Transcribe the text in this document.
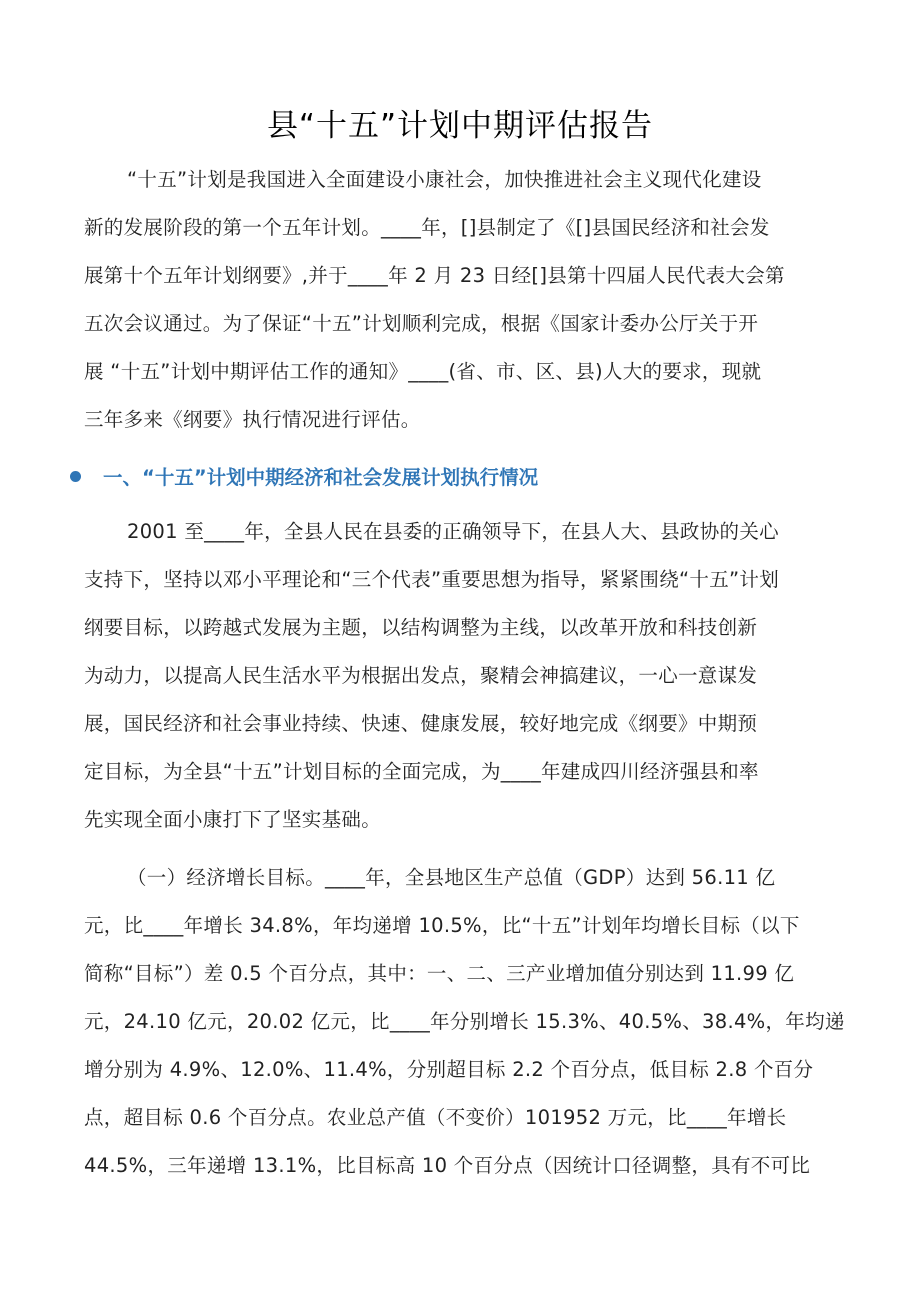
县“十五”计划中期评估报告
“十五”计划是我国进入全面建设小康社会，加快推进社会主义现代化建设
新的发展阶段的第一个五年计划。____年，[]县制定了《[]县国民经济和社会发
展第十个五年计划纲要》,并于____年 2 月 23 日经[]县第十四届人民代表大会第
五次会议通过。为了保证“十五”计划顺利完成，根据《国家计委办公厅关于开
展 “十五”计划中期评估工作的通知》____(省、市、区、县)人大的要求，现就
三年多来《纲要》执行情况进行评估。
一、“十五”计划中期经济和社会发展计划执行情况
2001 至____年，全县人民在县委的正确领导下，在县人大、县政协的关心
支持下，坚持以邓小平理论和“三个代表”重要思想为指导，紧紧围绕“十五”计划
纲要目标，以跨越式发展为主题，以结构调整为主线，以改革开放和科技创新
为动力，以提高人民生活水平为根据出发点，聚精会神搞建议，一心一意谋发
展，国民经济和社会事业持续、快速、健康发展，较好地完成《纲要》中期预
定目标，为全县“十五”计划目标的全面完成，为____年建成四川经济强县和率
先实现全面小康打下了坚实基础。
（一）经济增长目标。____年，全县地区生产总值（GDP）达到 56.11 亿
元，比____年增长 34.8%，年均递增 10.5%，比“十五”计划年均增长目标（以下
简称“目标”）差 0.5 个百分点，其中：一、二、三产业增加值分别达到 11.99 亿
元，24.10 亿元，20.02 亿元，比____年分别增长 15.3%、40.5%、38.4%，年均递
增分别为 4.9%、12.0%、11.4%，分别超目标 2.2 个百分点，低目标 2.8 个百分
点，超目标 0.6 个百分点。农业总产值（不变价）101952 万元，比____年增长
44.5%，三年递增 13.1%，比目标高 10 个百分点（因统计口径调整，具有不可比
